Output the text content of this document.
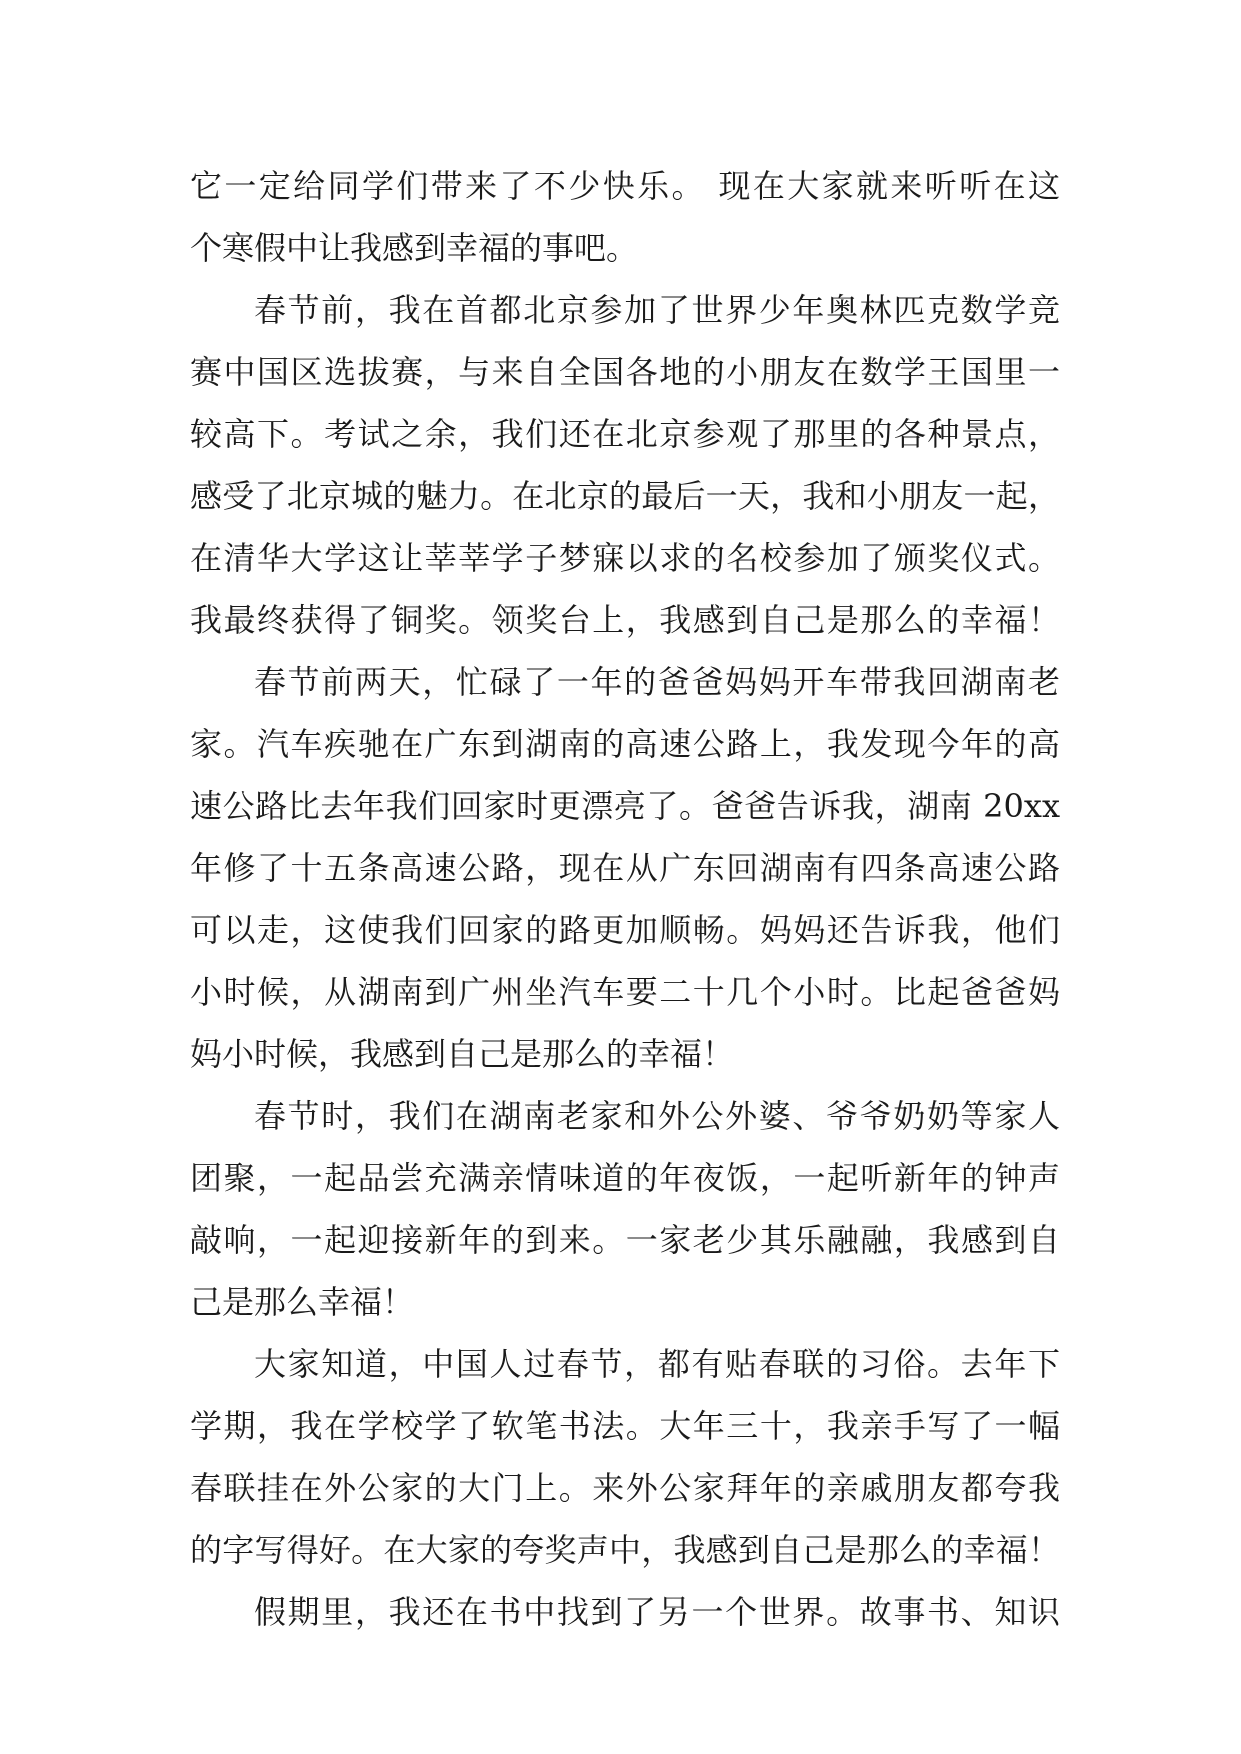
它一定给同学们带来了不少快乐。 现在大家就来听听在这
个寒假中让我感到幸福的事吧。
春节前，我在首都北京参加了世界少年奥林匹克数学竞
赛中国区选拔赛，与来自全国各地的小朋友在数学王国里一
较高下。考试之余，我们还在北京参观了那里的各种景点，
感受了北京城的魅力。在北京的最后一天，我和小朋友一起，
在清华大学这让莘莘学子梦寐以求的名校参加了颁奖仪式。
我最终获得了铜奖。领奖台上，我感到自己是那么的幸福！
春节前两天，忙碌了一年的爸爸妈妈开车带我回湖南老
家。汽车疾驰在广东到湖南的高速公路上，我发现今年的高
速公路比去年我们回家时更漂亮了。爸爸告诉我，湖南 20xx
年修了十五条高速公路，现在从广东回湖南有四条高速公路
可以走，这使我们回家的路更加顺畅。妈妈还告诉我，他们
小时候，从湖南到广州坐汽车要二十几个小时。比起爸爸妈
妈小时候，我感到自己是那么的幸福！
春节时，我们在湖南老家和外公外婆、爷爷奶奶等家人
团聚，一起品尝充满亲情味道的年夜饭，一起听新年的钟声
敲响，一起迎接新年的到来。一家老少其乐融融，我感到自
己是那么幸福！
大家知道，中国人过春节，都有贴春联的习俗。去年下
学期，我在学校学了软笔书法。大年三十，我亲手写了一幅
春联挂在外公家的大门上。来外公家拜年的亲戚朋友都夸我
的字写得好。在大家的夸奖声中，我感到自己是那么的幸福！
假期里，我还在书中找到了另一个世界。故事书、知识
